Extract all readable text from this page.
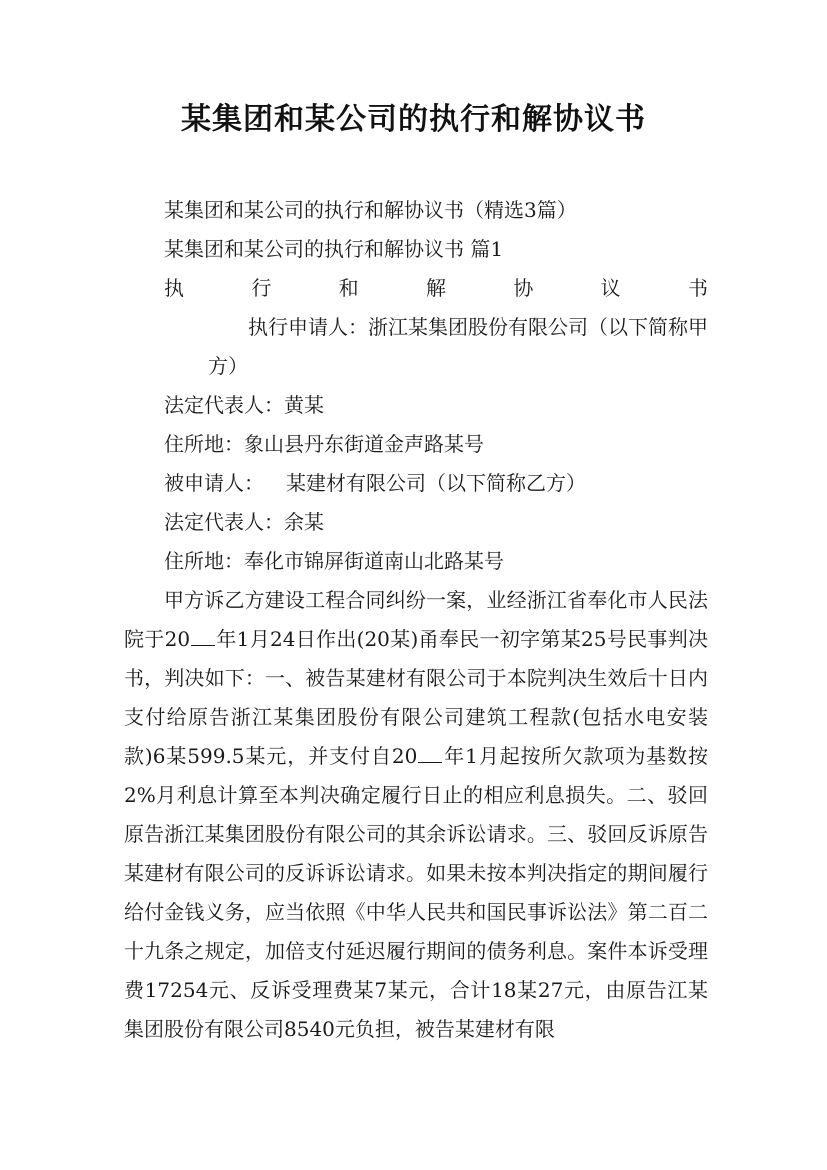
某集团和某公司的执行和解协议书

某集团和某公司的执行和解协议书（精选3篇）

某集团和某公司的执行和解协议书 篇1

执行和解协议书执行申请人：浙江某集团股份有限公司（以下简称甲方）

法定代表人：黄某

住所地：象山县丹东街道金声路某号

被申请人： 某建材有限公司（以下简称乙方）

法定代表人：余某

住所地：奉化市锦屏街道南山北路某号

甲方诉乙方建设工程合同纠纷一案，业经浙江省奉化市人民法院于20 年1月24日作出(20某)甬奉民一初字第某25号民事判决书，判决如下：一、被告某建材有限公司于本院判决生效后十日内支付给原告浙江某集团股份有限公司建筑工程款(包括水电安装款)6某599.5某元，并支付自20 年1月起按所欠款项为基数按2%月利息计算至本判决确定履行日止的相应利息损失。二、驳回原告浙江某集团股份有限公司的其余诉讼请求。三、驳回反诉原告某建材有限公司的反诉诉讼请求。如果未按本判决指定的期间履行给付金钱义务，应当依照《中华人民共和国民事诉讼法》第二百二十九条之规定，加倍支付延迟履行期间的债务利息。案件本诉受理费17254元、反诉受理费某7某元，合计18某27元，由原告江某集团股份有限公司8540元负担，被告某建材有限
